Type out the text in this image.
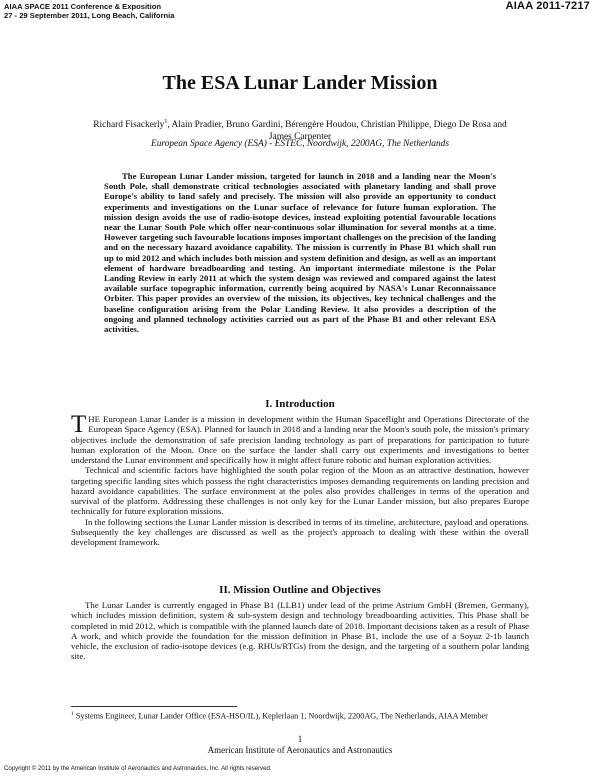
AIAA SPACE 2011 Conference & Exposition
27 - 29 September 2011, Long Beach, California
AIAA 2011-7217
The ESA Lunar Lander Mission
Richard Fisackerly$^1$, Alain Pradier, Bruno Gardini, Bérengère Houdou, Christian Philippe, Diego De Rosa and
James Carpenter
European Space Agency (ESA) - ESTEC, Noordwijk, 2200AG, The Netherlands

The European Lunar Lander mission, targeted for launch in 2018 and a landing near the Moon's South Pole, shall demonstrate critical technologies associated with planetary landing and shall prove Europe's ability to land safely and precisely. The mission will also provide an opportunity to conduct experiments and investigations on the Lunar surface of relevance for future human exploration. The mission design avoids the use of radio-isotope devices, instead exploiting potential favourable locations near the Lunar South Pole which offer near-continuous solar illumination for several months at a time. However targeting such favourable locations imposes important challenges on the precision of the landing and on the necessary hazard avoidance capability. The mission is currently in Phase B1 which shall run up to mid 2012 and which includes both mission and system definition and design, as well as an important element of hardware breadboarding and testing. An important intermediate milestone is the Polar Landing Review in early 2011 at which the system design was reviewed and compared against the latest available surface topographic information, currently being acquired by NASA's Lunar Reconnaissance Orbiter. This paper provides an overview of the mission, its objectives, key technical challenges and the baseline configuration arising from the Polar Landing Review. It also provides a description of the ongoing and planned technology activities carried out as part of the Phase B1 and other relevant ESA activities.

I. Introduction

THE European Lunar Lander is a mission in development within the Human Spaceflight and Operations Directorate of the European Space Agency (ESA). Planned for launch in 2018 and a landing near the Moon's south pole, the mission's primary objectives include the demonstration of safe precision landing technology as part of preparations for participation to future human exploration of the Moon. Once on the surface the lander shall carry out experiments and investigations to better understand the Lunar environment and specifically how it might affect future robotic and human exploration activities.

Technical and scientific factors have highlighted the south polar region of the Moon as an attractive destination, however targeting specific landing sites which possess the right characteristics imposes demanding requirements on landing precision and hazard avoidance capabilities. The surface environment at the poles also provides challenges in terms of the operation and survival of the platform. Addressing these challenges is not only key for the Lunar Lander mission, but also prepares Europe technically for future exploration missions.

In the following sections the Lunar Lander mission is described in terms of its timeline, architecture, payload and operations. Subsequently the key challenges are discussed as well as the project's approach to dealing with these within the overall development framework.

II. Mission Outline and Objectives

The Lunar Lander is currently engaged in Phase B1 (LLB1) under lead of the prime Astrium GmbH (Bremen, Germany), which includes mission definition, system & sub-system design and technology breadboarding activities. This Phase shall be completed in mid 2012, which is compatible with the planned launch date of 2018. Important decisions taken as a result of Phase A work, and which provide the foundation for the mission definition in Phase B1, include the use of a Soyuz 2-1b launch vehicle, the exclusion of radio-isotope devices (e.g. RHUs/RTGs) from the design, and the targeting of a southern polar landing site.

$^1$ Systems Engineer, Lunar Lander Office (ESA-HSO/IL), Keplerlaan 1, Noordwijk, 2200AG, The Netherlands, AIAA Member
1
American Institute of Aeronautics and Astronautics
Copyright © 2011 by the American Institute of Aeronautics and Astronautics, Inc. All rights reserved.
